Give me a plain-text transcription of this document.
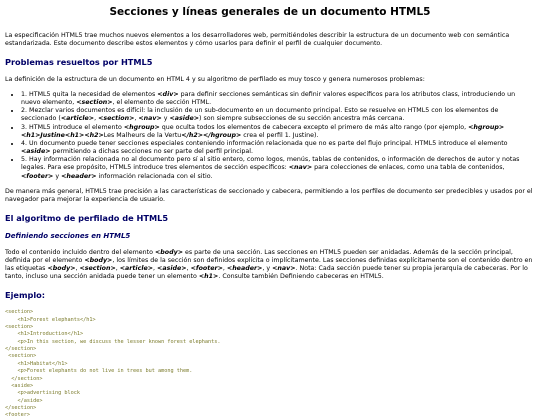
Secciones y líneas generales de un documento HTML5

La especificación HTML5 trae muchos nuevos elementos a los desarrolladores web, permitiéndoles describir la estructura de un documento web con semántica estandarizada. Este documento describe estos elementos y cómo usarlos para definir el perfil de cualquier documento.

Problemas resueltos por HTML5

La definición de la estructura de un documento en HTML 4 y su algoritmo de perfilado es muy tosco y genera numerosos problemas:

• 1. HTML5 quita la necesidad de elementos <div> para definir secciones semánticas sin definir valores específicos para los atributos class, introduciendo un nuevo elemento, <section>, el elemento de sección HTML.
• 2. Mezclar varios documentos es difícil: la inclusión de un sub-documento en un documento principal. Esto se resuelve en HTML5 con los elementos de seccionado (<article>, <section>, <nav> y <aside>) son siempre subsecciones de su sección ancestra más cercana.
• 3. HTML5 introduce el elemento <hgroup> que oculta todos los elementos de cabecera excepto el primero de más alto rango (por ejemplo, <hgroup><h1>Justine<h1><h2>Les Malheurs de la Vertu</h2></hgroup> crea el perfil 1. Justine).
• 4. Un documento puede tener secciones especiales conteniendo información relacionada que no es parte del flujo principal. HTML5 introduce el elemento <aside> permitiendo a dichas secciones no ser parte del perfil principal.
• 5. Hay información relacionada no al documento pero sí al sitio entero, como logos, menús, tablas de contenidos, o información de derechos de autor y notas legales. Para ese propósito, HTML5 introduce tres elementos de sección específicos: <nav> para colecciones de enlaces, como una tabla de contenidos,<footer> y <header> información relacionada con el sitio.

De manera más general, HTML5 trae precisión a las características de seccionado y cabecera, permitiendo a los perfiles de documento ser predecibles y usados por el navegador para mejorar la experiencia de usuario.

El algoritmo de perfilado de HTML5
Definiendo secciones en HTML5

Todo el contenido incluido dentro del elemento <body> es parte de una sección. Las secciones en HTML5 pueden ser anidadas. Además de la sección principal, definida por el elemento <body>, los límites de la sección son definidos explícita o implícitamente. Las secciones definidas explícitamente son el contenido dentro en las etiquetas <body>, <section>, <article>, <aside>, <footer>, <header>, y <nav>. Nota: Cada sección puede tener su propia jerarquía de cabeceras. Por lo tanto, incluso una sección anidada puede tener un elemento <h1>. Consulte también Definiendo cabeceras en HTML5.

Ejemplo:
<section>
<h1>Forest elephants</h1>
<section>
<h1>Introduction</h1>
<p>In this section, we discuss the lesser known forest elephants.
</section>
<section>
<h1>Habitat</h1>
<p>Forest elephants do not live in trees but among them.
</section>
<aside>
<p>advertising block
</aside>
</section>
<footer>
